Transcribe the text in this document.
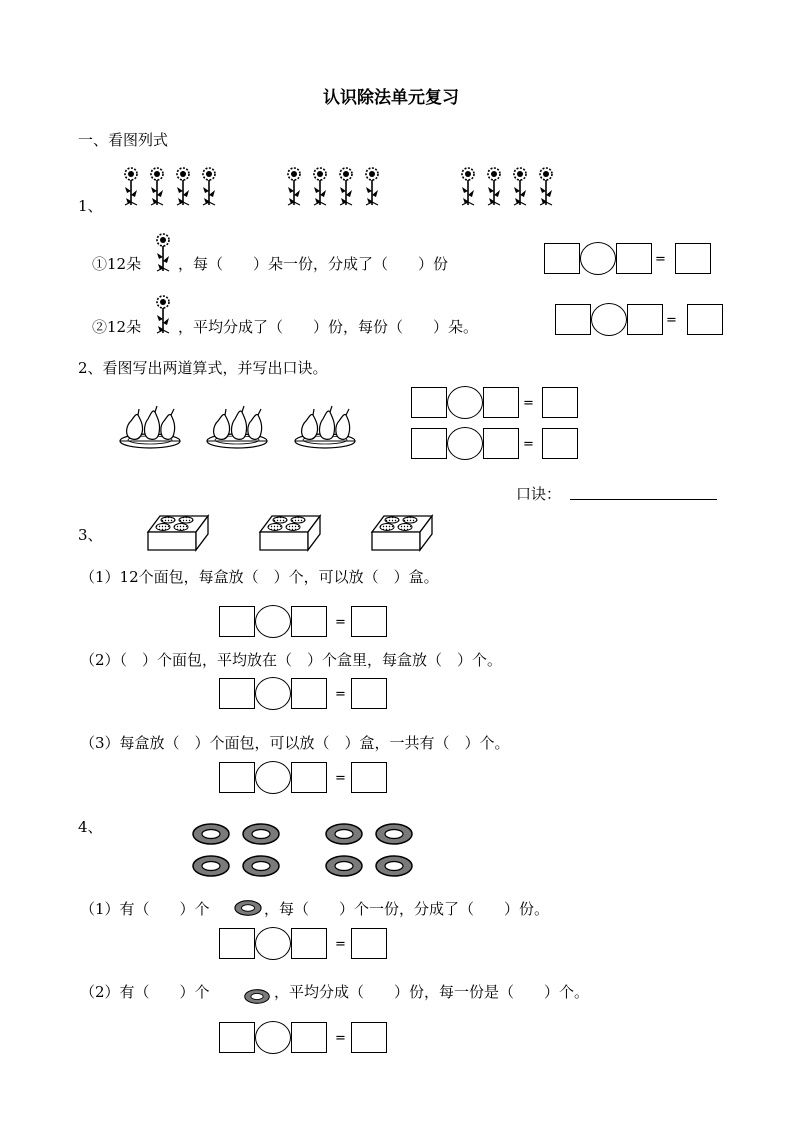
认识除法单元复习
一、看图列式
1、
①12朵 ，每（　　）朵一份，分成了（　　）份	=
②12朵 ，平均分成了（　　）份，每份（　　）朵。	=
2、看图写出两道算式，并写出口诀。
=
=
口诀：
3、
（1）12个面包，每盒放（　）个，可以放（　）盒。
=
（2）（　）个面包，平均放在（　）个盒里，每盒放（　）个。
=
（3）每盒放（　）个面包，可以放（　）盒，一共有（　）个。
=
4、
（1）有（　　）个	，每（　　）个一份，分成了（　　）份。
=
（2）有（　　）个	，平均分成（　　）份，每一份是（　　）个。
=
